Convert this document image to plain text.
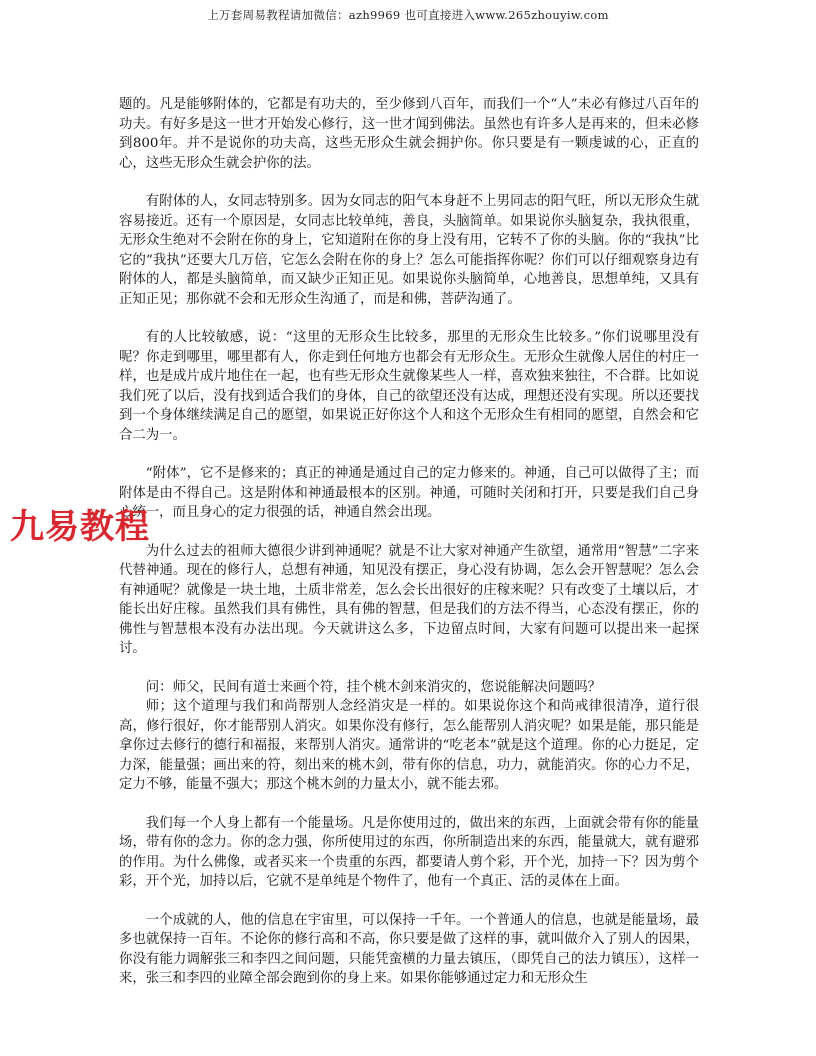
上万套周易教程请加微信：azh9969 也可直接进入www.265zhouyiw.com

题的。凡是能够附体的，它都是有功夫的，至少修到八百年，而我们一个“人”未必有修过八百年的功夫。有好多是这一世才开始发心修行，这一世才闻到佛法。虽然也有许多人是再来的，但未必修到800年。并不是说你的功夫高，这些无形众生就会拥护你。你只要是有一颗虔诚的心，正直的心，这些无形众生就会护你的法。

有附体的人，女同志特别多。因为女同志的阳气本身赶不上男同志的阳气旺，所以无形众生就容易接近。还有一个原因是，女同志比较单纯，善良，头脑简单。如果说你头脑复杂，我执很重，无形众生绝对不会附在你的身上，它知道附在你的身上没有用，它转不了你的头脑。你的“我执”比它的“我执”还要大几万倍，它怎么会附在你的身上？怎么可能指挥你呢？你们可以仔细观察身边有附体的人，都是头脑简单，而又缺少正知正见。如果说你头脑简单，心地善良，思想单纯，又具有正知正见；那你就不会和无形众生沟通了，而是和佛，菩萨沟通了。

有的人比较敏感，说：“这里的无形众生比较多，那里的无形众生比较多。”你们说哪里没有呢？你走到哪里，哪里都有人，你走到任何地方也都会有无形众生。无形众生就像人居住的村庄一样，也是成片成片地住在一起，也有些无形众生就像某些人一样，喜欢独来独往，不合群。比如说我们死了以后，没有找到适合我们的身体，自己的欲望还没有达成，理想还没有实现。所以还要找到一个身体继续满足自己的愿望，如果说正好你这个人和这个无形众生有相同的愿望，自然会和它合二为一。

“附体”，它不是修来的；真正的神通是通过自己的定力修来的。神通，自己可以做得了主；而附体是由不得自己。这是附体和神通最根本的区别。神通，可随时关闭和打开，只要是我们自己身心统一，而且身心的定力很强的话，神通自然会出现。

为什么过去的祖师大德很少讲到神通呢？就是不让大家对神通产生欲望，通常用“智慧”二字来代替神通。现在的修行人，总想有神通，知见没有摆正，身心没有协调，怎么会开智慧呢？怎么会有神通呢？就像是一块土地，土质非常差，怎么会长出很好的庄稼来呢？只有改变了土壤以后，才能长出好庄稼。虽然我们具有佛性，具有佛的智慧，但是我们的方法不得当，心态没有摆正，你的佛性与智慧根本没有办法出现。今天就讲这么多，下边留点时间，大家有问题可以提出来一起探讨。

问：师父，民间有道士来画个符，挂个桃木剑来消灾的，您说能解决问题吗？

师；这个道理与我们和尚帮别人念经消灾是一样的。如果说你这个和尚戒律很清净，道行很高，修行很好，你才能帮别人消灾。如果你没有修行，怎么能帮别人消灾呢？如果是能，那只能是拿你过去修行的德行和福报，来帮别人消灾。通常讲的“吃老本”就是这个道理。你的心力挺足，定力深，能量强；画出来的符，刻出来的桃木剑，带有你的信息，功力，就能消灾。你的心力不足，定力不够，能量不强大；那这个桃木剑的力量太小，就不能去邪。

我们每一个人身上都有一个能量场。凡是你使用过的，做出来的东西，上面就会带有你的能量场，带有你的念力。你的念力强，你所使用过的东西，你所制造出来的东西，能量就大，就有避邪的作用。为什么佛像，或者买来一个贵重的东西，都要请人剪个彩，开个光，加持一下？因为剪个彩，开个光，加持以后，它就不是单纯是个物件了，他有一个真正、活的灵体在上面。

一个成就的人，他的信息在宇宙里，可以保持一千年。一个普通人的信息，也就是能量场，最多也就保持一百年。不论你的修行高和不高，你只要是做了这样的事，就叫做介入了别人的因果，你没有能力调解张三和李四之间问题，只能凭蛮横的力量去镇压，（即凭自己的法力镇压），这样一来，张三和李四的业障全部会跑到你的身上来。如果你能够通过定力和无形众生

九易教程
